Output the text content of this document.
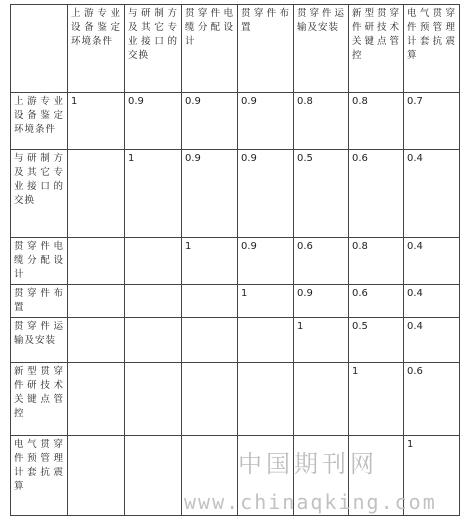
	上游专业设备鉴定环境条件	与研制方及其它专业接口的交换	贯穿件电缆分配设计	贯穿件布置	贯穿件运输及安装	新型贯穿件研技术关键点管控	电气贯穿件预管理计套抗震算
上游专业设备鉴定环境条件	1	0.9	0.9	0.9	0.8	0.8	0.7
与研制方及其它专业接口的交换		1	0.9	0.9	0.5	0.6	0.4
贯穿件电缆分配设计			1	0.9	0.6	0.8	0.4
贯穿件布置				1	0.9	0.6	0.4
贯穿件运输及安装					1	0.5	0.4
新型贯穿件研技术关键点管控						1	0.6
电气贯穿件预管理计套抗震算							1
中国期刊网
www.chinaqking.com
